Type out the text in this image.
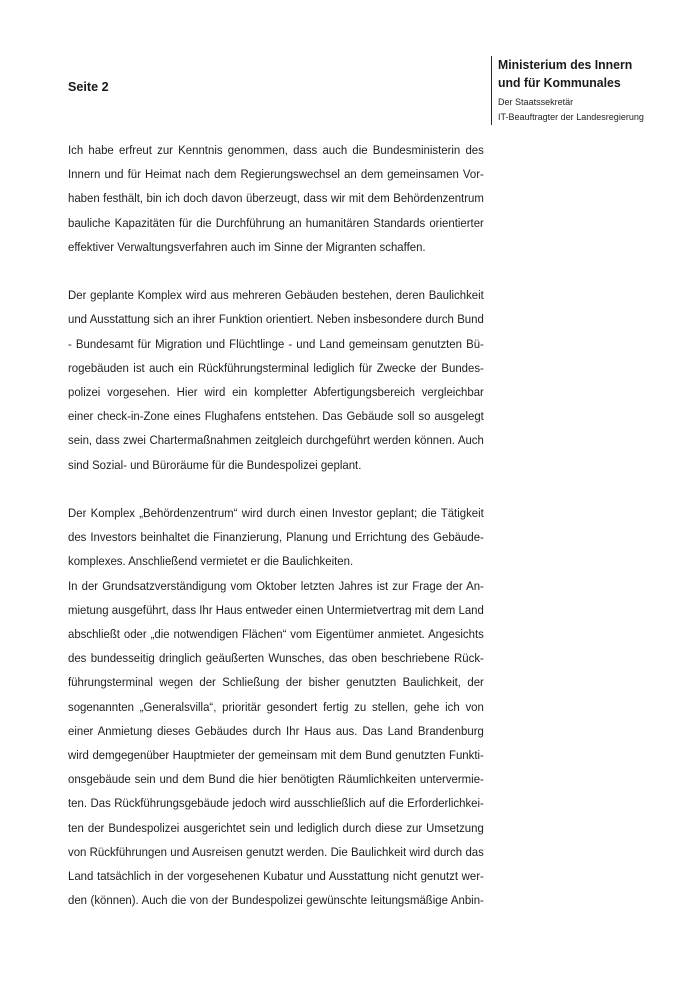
Ministerium des Innern
und für Kommunales
Der Staatssekretär
IT-Beauftragter der Landesregierung
Seite 2
Ich habe erfreut zur Kenntnis genommen, dass auch die Bundesministerin des
Innern und für Heimat nach dem Regierungswechsel an dem gemeinsamen Vor-
haben festhält, bin ich doch davon überzeugt, dass wir mit dem Behördenzentrum
bauliche Kapazitäten für die Durchführung an humanitären Standards orientierter
effektiver Verwaltungsverfahren auch im Sinne der Migranten schaffen.
Der geplante Komplex wird aus mehreren Gebäuden bestehen, deren Baulichkeit
und Ausstattung sich an ihrer Funktion orientiert. Neben insbesondere durch Bund
- Bundesamt für Migration und Flüchtlinge - und Land gemeinsam genutzten Bü-
rogebäuden ist auch ein Rückführungsterminal lediglich für Zwecke der Bundes-
polizei vorgesehen. Hier wird ein kompletter Abfertigungsbereich vergleichbar
einer check-in-Zone eines Flughafens entstehen. Das Gebäude soll so ausgelegt
sein, dass zwei Chartermaßnahmen zeitgleich durchgeführt werden können. Auch
sind Sozial- und Büroräume für die Bundespolizei geplant.
Der Komplex „Behördenzentrum“ wird durch einen Investor geplant; die Tätigkeit
des Investors beinhaltet die Finanzierung, Planung und Errichtung des Gebäude-
komplexes. Anschließend vermietet er die Baulichkeiten.
In der Grundsatzverständigung vom Oktober letzten Jahres ist zur Frage der An-
mietung ausgeführt, dass Ihr Haus entweder einen Untermietvertrag mit dem Land
abschließt oder „die notwendigen Flächen“ vom Eigentümer anmietet. Angesichts
des bundesseitig dringlich geäußerten Wunsches, das oben beschriebene Rück-
führungsterminal wegen der Schließung der bisher genutzten Baulichkeit, der
sogenannten „Generalsvilla“, prioritär gesondert fertig zu stellen, gehe ich von
einer Anmietung dieses Gebäudes durch Ihr Haus aus. Das Land Brandenburg
wird demgegenüber Hauptmieter der gemeinsam mit dem Bund genutzten Funkti-
onsgebäude sein und dem Bund die hier benötigten Räumlichkeiten untervermie-
ten. Das Rückführungsgebäude jedoch wird ausschließlich auf die Erforderlichkei-
ten der Bundespolizei ausgerichtet sein und lediglich durch diese zur Umsetzung
von Rückführungen und Ausreisen genutzt werden. Die Baulichkeit wird durch das
Land tatsächlich in der vorgesehenen Kubatur und Ausstattung nicht genutzt wer-
den (können). Auch die von der Bundespolizei gewünschte leitungsmäßige Anbin-
